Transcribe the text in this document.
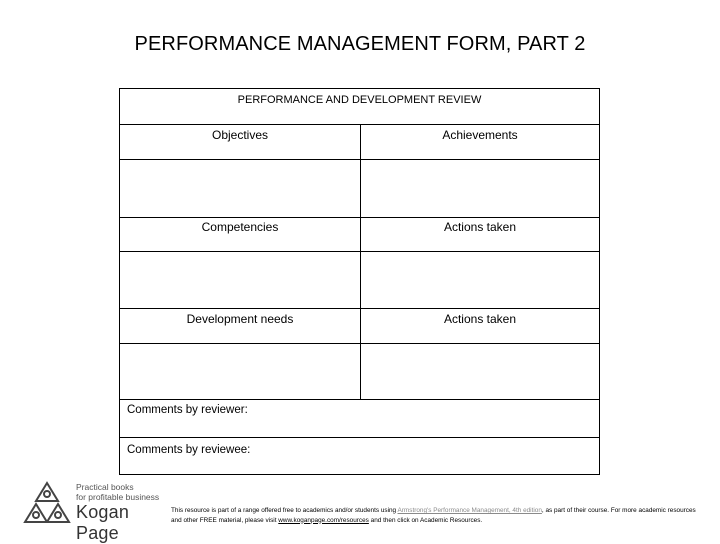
PERFORMANCE MANAGEMENT FORM, PART 2
PERFORMANCE AND DEVELOPMENT REVIEW
Objectives	Achievements
Competencies	Actions taken
Development needs	Actions taken
Comments by reviewer:
Comments by reviewee:
Practical books
for profitable business
Kogan Page
This resource is part of a range offered free to academics and/or students using Armstrong's Performance Management, 4th edition, as part of their course. For more academic resources and other FREE material, please visit www.koganpage.com/resources and then click on Academic Resources.
